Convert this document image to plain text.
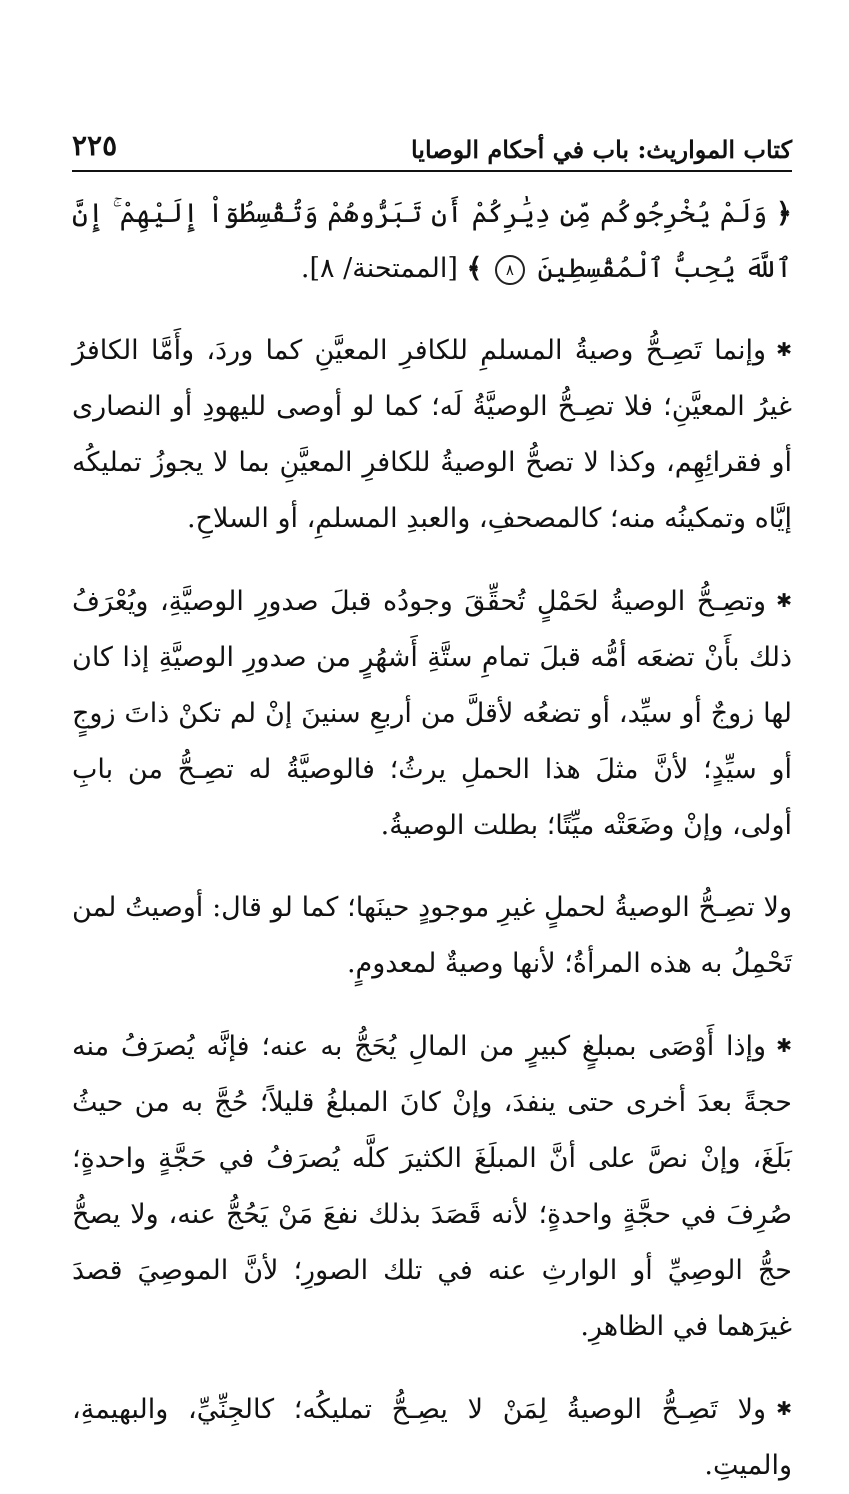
كتاب المواريث: باب في أحكام الوصايا
٢٢٥

﴿ وَلَمْ يُخْرِجُوكُم مِّن دِيَٰرِكُمْ أَن تَبَرُّوهُمْ وَتُقْسِطُوٓاْ إِلَيْهِمْ ۚ إِنَّ ٱللَّهَ يُحِبُّ ٱلْمُقْسِطِينَ ٨ ﴾ [الممتحنة/ ٨].

✱ وإنما تَصِـحُّ وصيةُ المسلمِ للكافرِ المعيَّنِ كما وردَ، وأَمَّا الكافرُ غيرُ المعيَّنِ؛ فلا تصِـحُّ الوصيَّةُ لَه؛ كما لو أوصى لليهودِ أو النصارى أو فقرائِهِم، وكذا لا تصحُّ الوصيةُ للكافرِ المعيَّنِ بما لا يجوزُ تمليكُه إيَّاه وتمكينُه منه؛ كالمصحفِ، والعبدِ المسلمِ، أو السلاحِ.

✱ وتصِـحُّ الوصيةُ لحَمْلٍ تُحقِّقَ وجودُه قبلَ صدورِ الوصيَّةِ، ويُعْرَفُ ذلك بأَنْ تضعَه أمُّه قبلَ تمامِ ستَّةِ أَشهُرٍ من صدورِ الوصيَّةِ إذا كان لها زوجٌ أو سيِّد، أو تضعُه لأقلَّ من أربعِ سنينَ إنْ لم تكنْ ذاتَ زوجٍ أو سيِّدٍ؛ لأنَّ مثلَ هذا الحملِ يرثُ؛ فالوصيَّةُ له تصِـحُّ من بابِ أولى، وإنْ وضَعَتْه ميِّتًا؛ بطلت الوصيةُ.

ولا تصِـحُّ الوصيةُ لحملٍ غيرِ موجودٍ حينَها؛ كما لو قال: أوصيتُ لمن تَحْمِلُ به هذه المرأةُ؛ لأنها وصيةٌ لمعدومٍ.

✱ وإذا أَوْصَى بمبلغٍ كبيرٍ من المالِ يُحَجُّ به عنه؛ فإنَّه يُصرَفُ منه حجةً بعدَ أخرى حتى ينفدَ، وإنْ كانَ المبلغُ قليلاً؛ حُجَّ به من حيثُ بَلَغَ، وإنْ نصَّ على أنَّ المبلَغَ الكثيرَ كلَّه يُصرَفُ في حَجَّةٍ واحدةٍ؛ صُرِفَ في حجَّةٍ واحدةٍ؛ لأنه قَصَدَ بذلك نفعَ مَنْ يَحُجُّ عنه، ولا يصحُّ حجُّ الوصِيِّ أو الوارثِ عنه في تلك الصورِ؛ لأنَّ الموصِيَ قصدَ غيرَهما في الظاهرِ.

✱ ولا تَصِـحُّ الوصيةُ لِمَنْ لا يصِـحُّ تمليكُه؛ كالجِنِّيِّ، والبهيمةِ، والميتِ.
